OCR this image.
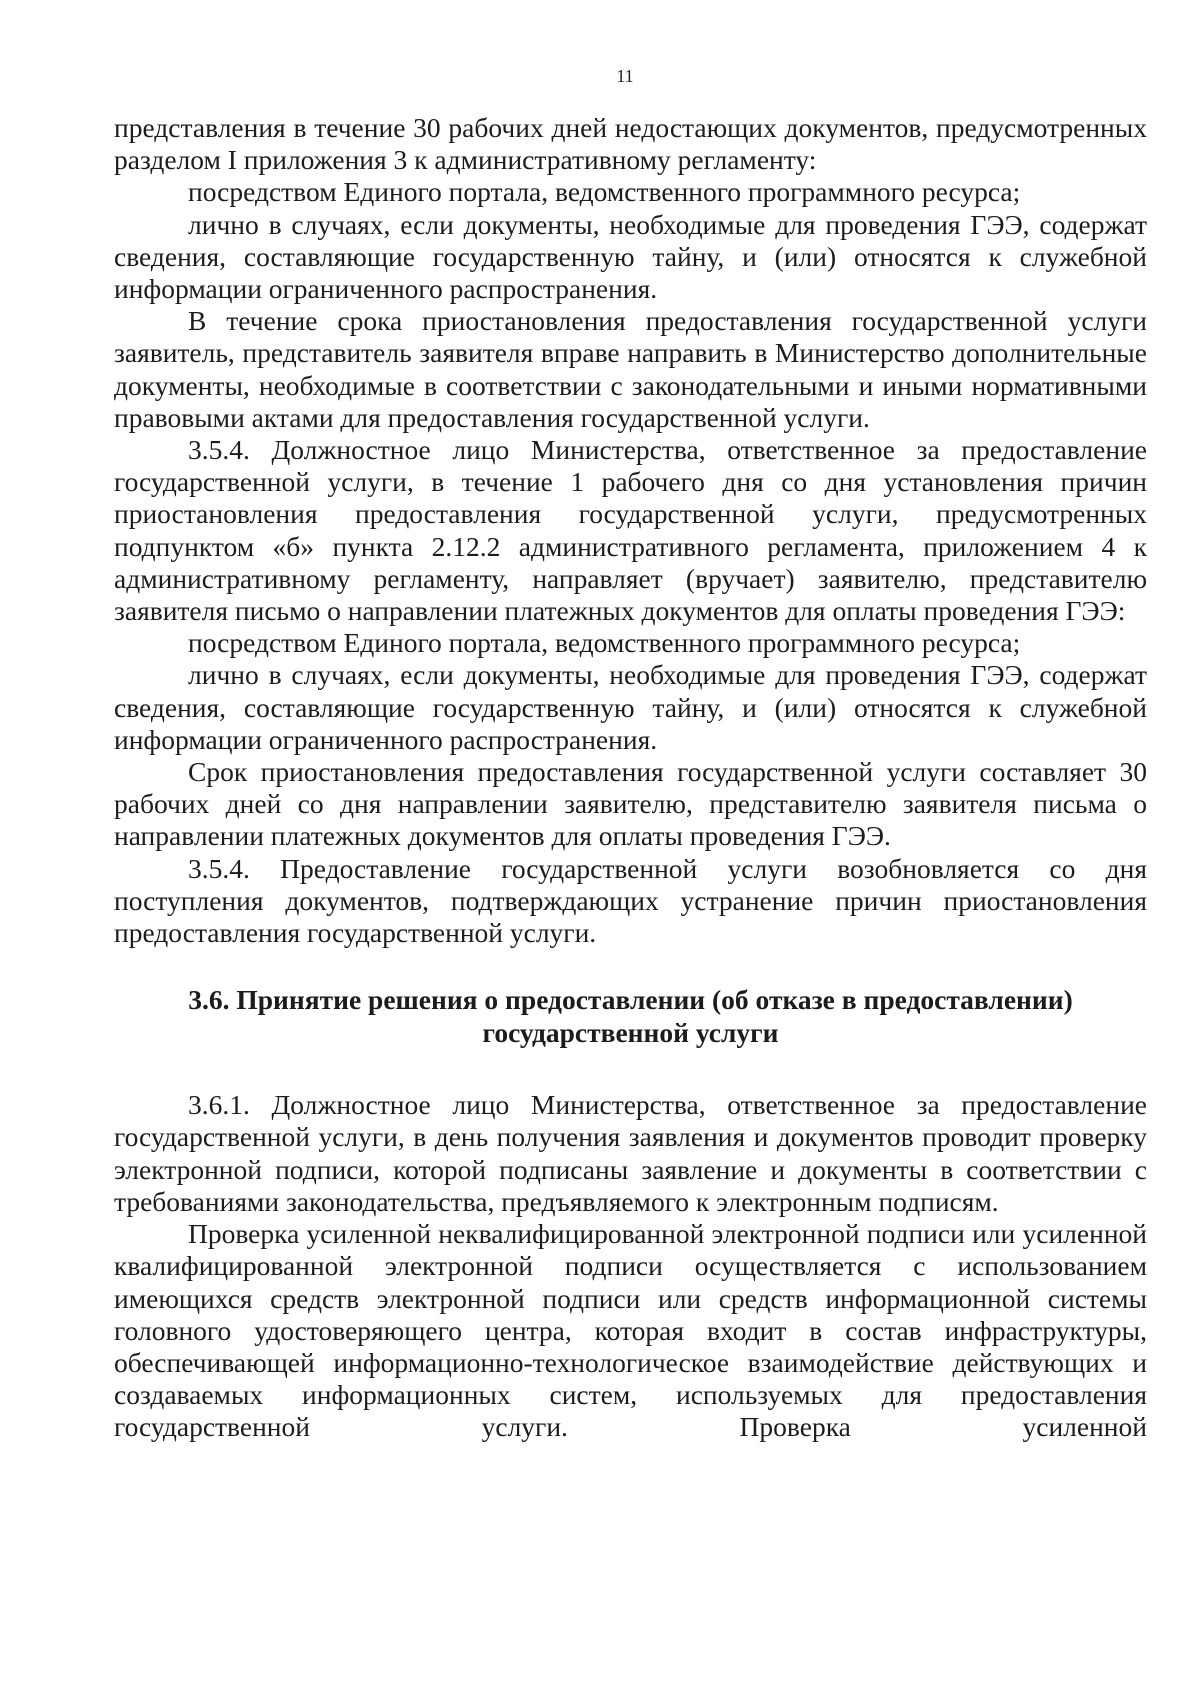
11

представления в течение 30 рабочих дней недостающих документов, предусмотренных разделом I приложения 3 к административному регламенту:

посредством Единого портала, ведомственного программного ресурса;

лично в случаях, если документы, необходимые для проведения ГЭЭ, содержат сведения, составляющие государственную тайну, и (или) относятся к служебной информации ограниченного распространения.

В течение срока приостановления предоставления государственной услуги заявитель, представитель заявителя вправе направить в Министерство дополнительные документы, необходимые в соответствии с законодательными и иными нормативными правовыми актами для предоставления государственной услуги.

3.5.4. Должностное лицо Министерства, ответственное за предоставление государственной услуги, в течение 1 рабочего дня со дня установления причин приостановления предоставления государственной услуги, предусмотренных подпунктом «б» пункта 2.12.2 административного регламента, приложением 4 к административному регламенту, направляет (вручает) заявителю, представителю заявителя письмо о направлении платежных документов для оплаты проведения ГЭЭ:

посредством Единого портала, ведомственного программного ресурса;

лично в случаях, если документы, необходимые для проведения ГЭЭ, содержат сведения, составляющие государственную тайну, и (или) относятся к служебной информации ограниченного распространения.

Срок приостановления предоставления государственной услуги составляет 30 рабочих дней со дня направлении заявителю, представителю заявителя письма о направлении платежных документов для оплаты проведения ГЭЭ.

3.5.4. Предоставление государственной услуги возобновляется со дня поступления документов, подтверждающих устранение причин приостановления предоставления государственной услуги.

3.6. Принятие решения о предоставлении (об отказе в предоставлении)
государственной услуги

3.6.1. Должностное лицо Министерства, ответственное за предоставление государственной услуги, в день получения заявления и документов проводит проверку электронной подписи, которой подписаны заявление и документы в соответствии с требованиями законодательства, предъявляемого к электронным подписям.

Проверка усиленной неквалифицированной электронной подписи или усиленной квалифицированной электронной подписи осуществляется с использованием имеющихся средств электронной подписи или средств информационной системы головного удостоверяющего центра, которая входит в состав инфраструктуры, обеспечивающей информационно-технологическое взаимодействие действующих и создаваемых информационных систем, используемых для предоставления государственной услуги. Проверка усиленной
